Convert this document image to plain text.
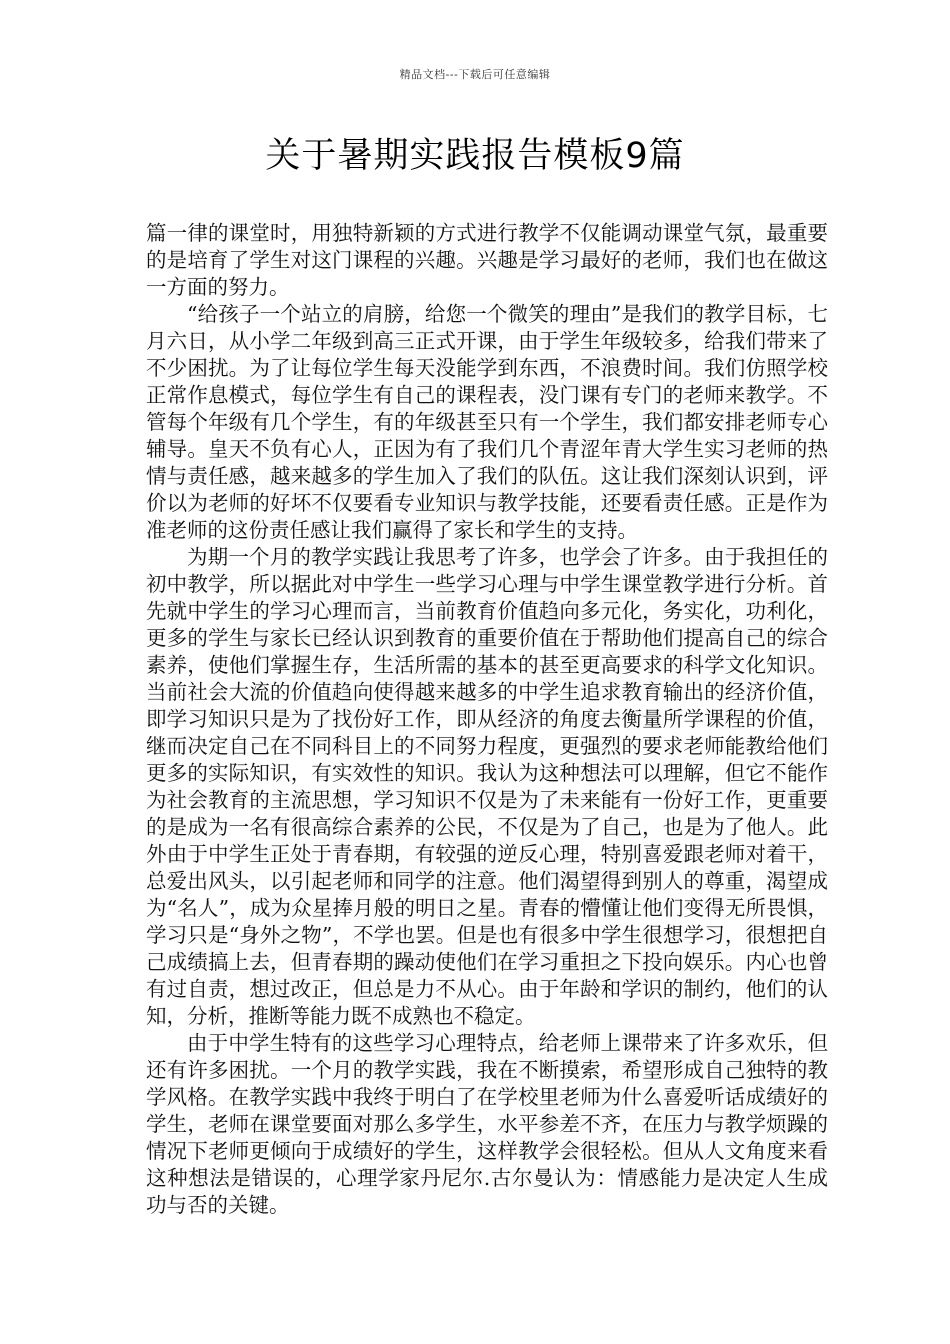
精品文档---下载后可任意编辑
关于暑期实践报告模板9篇

篇一律的课堂时，用独特新颖的方式进行教学不仅能调动课堂气氛，最重要的是培育了学生对这门课程的兴趣。兴趣是学习最好的老师，我们也在做这一方面的努力。

“给孩子一个站立的肩膀，给您一个微笑的理由”是我们的教学目标，七月六日，从小学二年级到高三正式开课，由于学生年级较多，给我们带来了不少困扰。为了让每位学生每天没能学到东西，不浪费时间。我们仿照学校正常作息模式，每位学生有自己的课程表，没门课有专门的老师来教学。不管每个年级有几个学生，有的年级甚至只有一个学生，我们都安排老师专心辅导。皇天不负有心人，正因为有了我们几个青涩年青大学生实习老师的热情与责任感，越来越多的学生加入了我们的队伍。这让我们深刻认识到，评价以为老师的好坏不仅要看专业知识与教学技能，还要看责任感。正是作为准老师的这份责任感让我们赢得了家长和学生的支持。

为期一个月的教学实践让我思考了许多，也学会了许多。由于我担任的初中教学，所以据此对中学生一些学习心理与中学生课堂教学进行分析。首先就中学生的学习心理而言，当前教育价值趋向多元化，务实化，功利化，更多的学生与家长已经认识到教育的重要价值在于帮助他们提高自己的综合素养，使他们掌握生存，生活所需的基本的甚至更高要求的科学文化知识。当前社会大流的价值趋向使得越来越多的中学生追求教育输出的经济价值，即学习知识只是为了找份好工作，即从经济的角度去衡量所学课程的价值，继而决定自己在不同科目上的不同努力程度，更强烈的要求老师能教给他们更多的实际知识，有实效性的知识。我认为这种想法可以理解，但它不能作为社会教育的主流思想，学习知识不仅是为了未来能有一份好工作，更重要的是成为一名有很高综合素养的公民，不仅是为了自己，也是为了他人。此外由于中学生正处于青春期，有较强的逆反心理，特别喜爱跟老师对着干，总爱出风头，以引起老师和同学的注意。他们渴望得到别人的尊重，渴望成为“名人”，成为众星捧月般的明日之星。青春的懵懂让他们变得无所畏惧，学习只是“身外之物”，不学也罢。但是也有很多中学生很想学习，很想把自己成绩搞上去，但青春期的躁动使他们在学习重担之下投向娱乐。内心也曾有过自责，想过改正，但总是力不从心。由于年龄和学识的制约，他们的认知，分析，推断等能力既不成熟也不稳定。

由于中学生特有的这些学习心理特点，给老师上课带来了许多欢乐，但还有许多困扰。一个月的教学实践，我在不断摸索，希望形成自己独特的教学风格。在教学实践中我终于明白了在学校里老师为什么喜爱听话成绩好的学生，老师在课堂要面对那么多学生，水平参差不齐，在压力与教学烦躁的情况下老师更倾向于成绩好的学生，这样教学会很轻松。但从人文角度来看这种想法是错误的，心理学家丹尼尔.古尔曼认为：情感能力是决定人生成功与否的关键。
